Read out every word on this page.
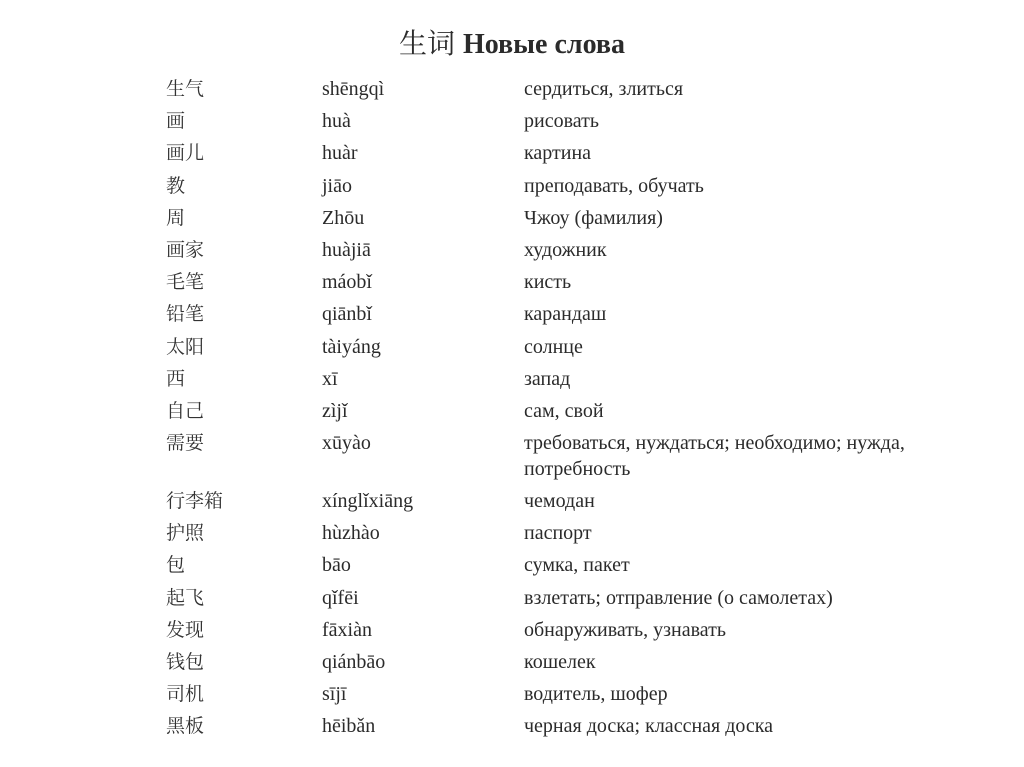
生词 Новые слова
生气	shēngqì	сердиться, злиться
画	huà	рисовать
画儿	huàr	картина
教	jiāo	преподавать, обучать
周	Zhōu	Чжоу (фамилия)
画家	huàjiā	художник
毛笔	máobǐ	кисть
铅笔	qiānbǐ	карандаш
太阳	tàiyáng	солнце
西	xī	запад
自己	zìjǐ	сам, свой
需要	xūyào	требоваться, нуждаться; необходимо; нужда, потребность
行李箱	xínglǐxiāng	чемодан
护照	hùzhào	паспорт
包	bāo	сумка, пакет
起飞	qǐfēi	взлетать; отправление (о самолетах)
发现	fāxiàn	обнаруживать, узнавать
钱包	qiánbāo	кошелек
司机	sījī	водитель, шофер
黑板	hēibǎn	черная доска; классная доска
